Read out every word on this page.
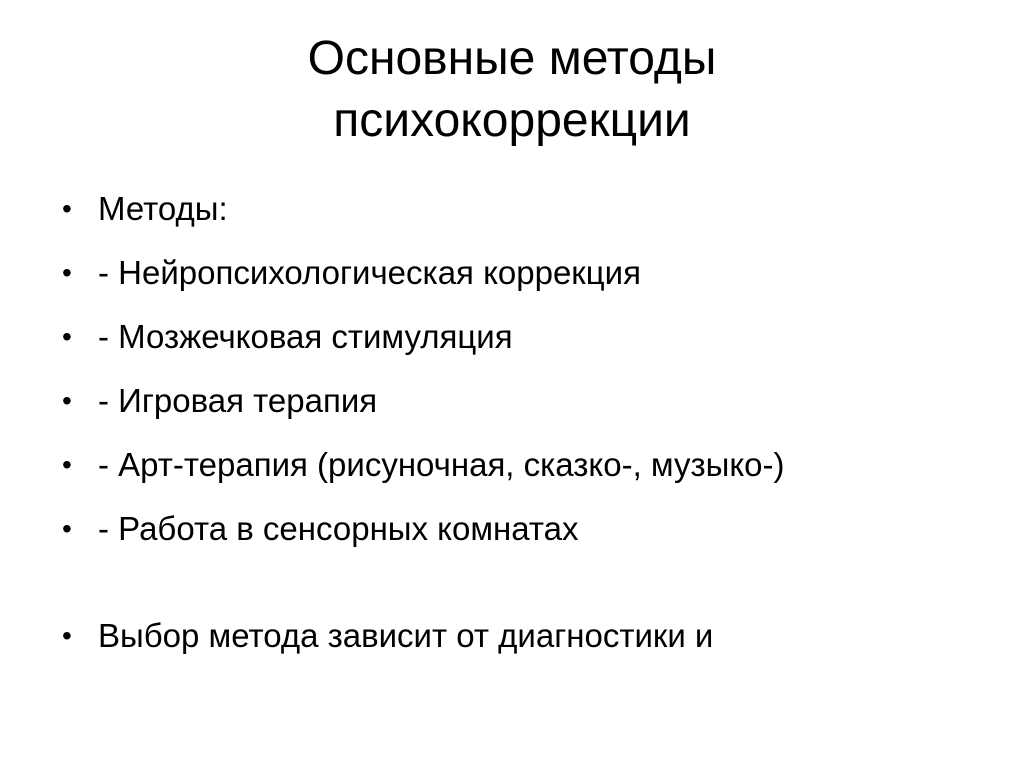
Основные методы
психокоррекции
• Методы:
• - Нейропсихологическая коррекция
• - Мозжечковая стимуляция
• - Игровая терапия
• - Арт-терапия (рисуночная, сказко-, музыко-)
• - Работа в сенсорных комнатах
• Выбор метода зависит от диагностики и
